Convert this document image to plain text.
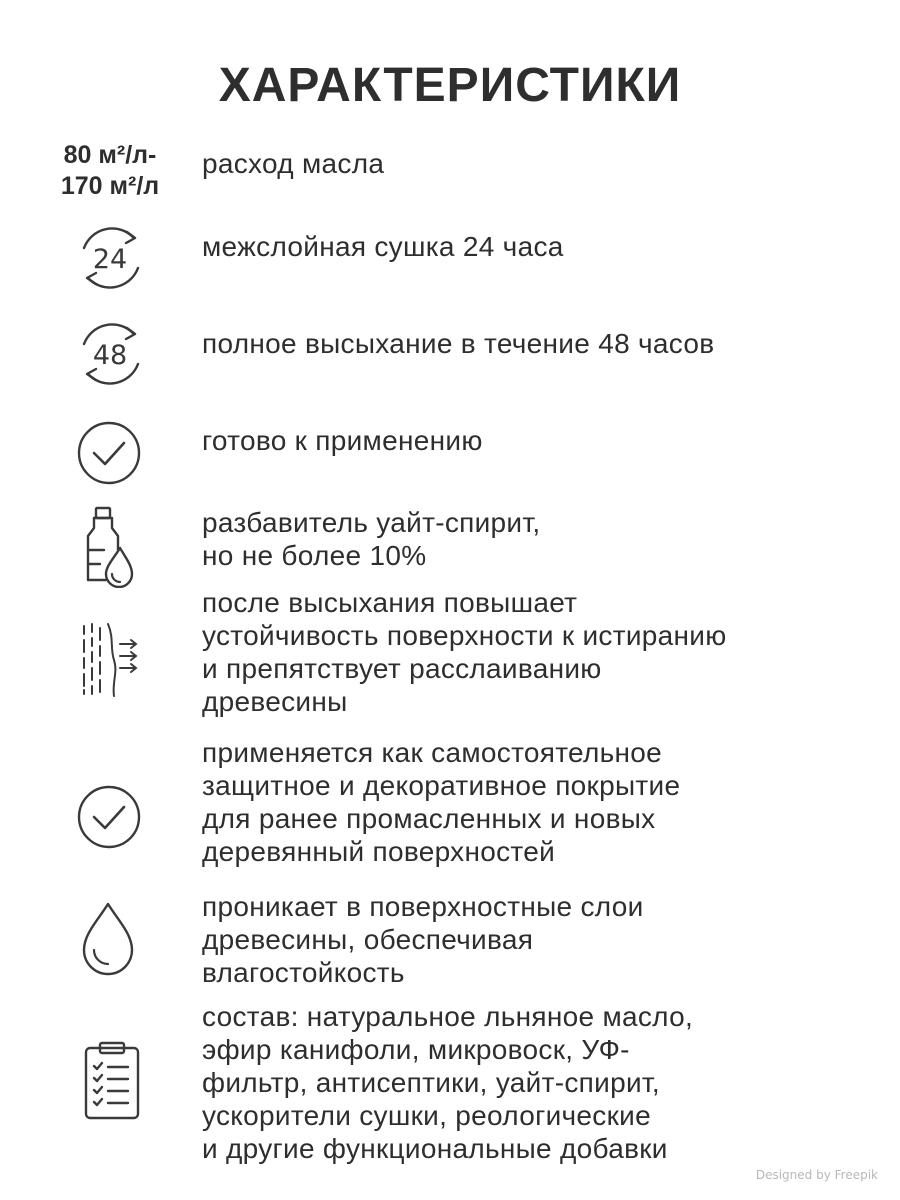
ХАРАКТЕРИСТИКИ
80 м²/л-
170 м²/л
расход масла
24	межслойная сушка 24 часа
48	полное высыхание в течение 48 часов
готово к применению
разбавитель уайт-спирит,
но не более 10%
после высыхания повышает
устойчивость поверхности к истиранию
и препятствует расслаиванию
древесины
применяется как самостоятельное
защитное и декоративное покрытие
для ранее промасленных и новых
деревянный поверхностей
проникает в поверхностные слои
древесины, обеспечивая
влагостойкость
состав: натуральное льняное масло,
эфир канифоли, микровоск, УФ-
фильтр, антисептики, уайт-спирит,
ускорители сушки, реологические
и другие функциональные добавки
Designed by Freepik
